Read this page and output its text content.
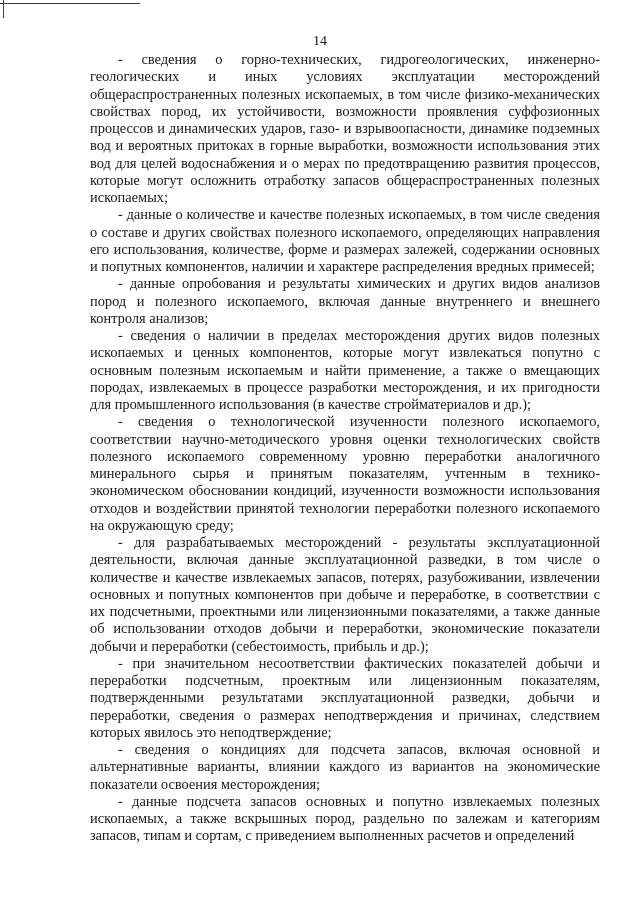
14

- сведения о горно-технических, гидрогеологических, инженерно-геологических и иных условиях эксплуатации месторождений общераспространенных полезных ископаемых, в том числе физико-механических свойствах пород, их устойчивости, возможности проявления суффозионных процессов и динамических ударов, газо- и взрывоопасности, динамике подземных вод и вероятных притоках в горные выработки, возможности использования этих вод для целей водоснабжения и о мерах по предотвращению развития процессов, которые могут осложнить отработку запасов общераспространенных полезных ископаемых;

- данные о количестве и качестве полезных ископаемых, в том числе сведения о составе и других свойствах полезного ископаемого, определяющих направления его использования, количестве, форме и размерах залежей, содержании основных и попутных компонентов, наличии и характере распределения вредных примесей;

- данные опробования и результаты химических и других видов анализов пород и полезного ископаемого, включая данные внутреннего и внешнего контроля анализов;

- сведения о наличии в пределах месторождения других видов полезных ископаемых и ценных компонентов, которые могут извлекаться попутно с основным полезным ископаемым и найти применение, а также о вмещающих породах, извлекаемых в процессе разработки месторождения, и их пригодности для промышленного использования (в качестве стройматериалов и др.);

- сведения о технологической изученности полезного ископаемого, соответствии научно-методического уровня оценки технологических свойств полезного ископаемого современному уровню переработки аналогичного минерального сырья и принятым показателям, учтенным в технико-экономическом обосновании кондиций, изученности возможности использования отходов и воздействии принятой технологии переработки полезного ископаемого на окружающую среду;

- для разрабатываемых месторождений - результаты эксплуатационной деятельности, включая данные эксплуатационной разведки, в том числе о количестве и качестве извлекаемых запасов, потерях, разубоживании, извлечении основных и попутных компонентов при добыче и переработке, в соответствии с их подсчетными, проектными или лицензионными показателями, а также данные об использовании отходов добычи и переработки, экономические показатели добычи и переработки (себестоимость, прибыль и др.);

- при значительном несоответствии фактических показателей добычи и переработки подсчетным, проектным или лицензионным показателям, подтвержденными результатами эксплуатационной разведки, добычи и переработки, сведения о размерах неподтверждения и причинах, следствием которых явилось это неподтверждение;

- сведения о кондициях для подсчета запасов, включая основной и альтернативные варианты, влиянии каждого из вариантов на экономические показатели освоения месторождения;

- данные подсчета запасов основных и попутно извлекаемых полезных ископаемых, а также вскрышных пород, раздельно по залежам и категориям запасов, типам и сортам, с приведением выполненных расчетов и определений
